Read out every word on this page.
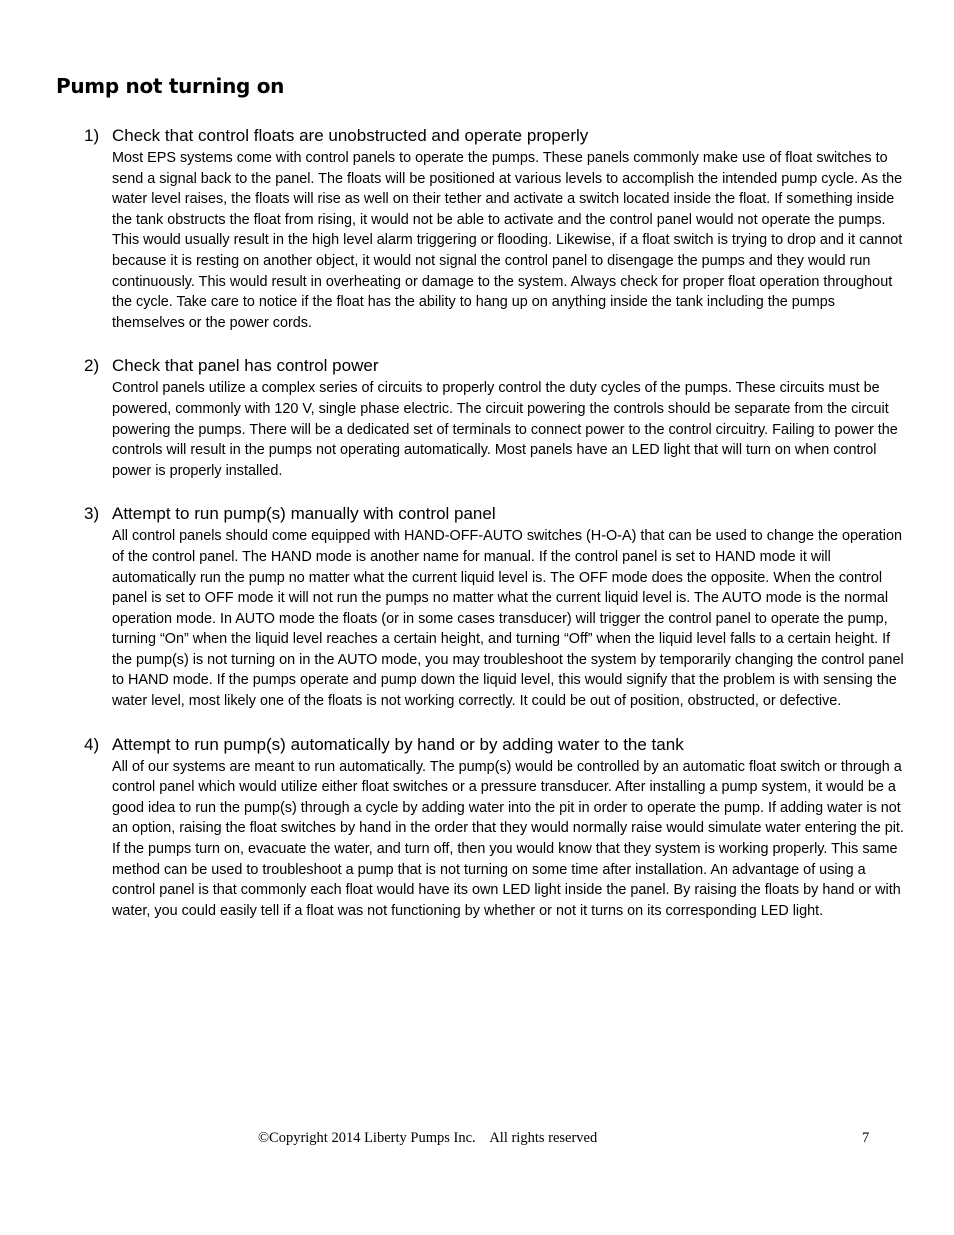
Pump not turning on
1) Check that control floats are unobstructed and operate properly

Most EPS systems come with control panels to operate the pumps. These panels commonly make use of float switches to send a signal back to the panel. The floats will be positioned at various levels to accomplish the intended pump cycle. As the water level raises, the floats will rise as well on their tether and activate a switch located inside the float. If something inside the tank obstructs the float from rising, it would not be able to activate and the control panel would not operate the pumps. This would usually result in the high level alarm triggering or flooding. Likewise, if a float switch is trying to drop and it cannot because it is resting on another object, it would not signal the control panel to disengage the pumps and they would run continuously. This would result in overheating or damage to the system. Always check for proper float operation throughout the cycle. Take care to notice if the float has the ability to hang up on anything inside the tank including the pumps themselves or the power cords.

2) Check that panel has control power

Control panels utilize a complex series of circuits to properly control the duty cycles of the pumps. These circuits must be powered, commonly with 120 V, single phase electric. The circuit powering the controls should be separate from the circuit powering the pumps. There will be a dedicated set of terminals to connect power to the control circuitry. Failing to power the controls will result in the pumps not operating automatically. Most panels have an LED light that will turn on when control power is properly installed.

3) Attempt to run pump(s) manually with control panel

All control panels should come equipped with HAND-OFF-AUTO switches (H-O-A) that can be used to change the operation of the control panel. The HAND mode is another name for manual. If the control panel is set to HAND mode it will automatically run the pump no matter what the current liquid level is. The OFF mode does the opposite. When the control panel is set to OFF mode it will not run the pumps no matter what the current liquid level is. The AUTO mode is the normal operation mode. In AUTO mode the floats (or in some cases transducer) will trigger the control panel to operate the pump, turning “On” when the liquid level reaches a certain height, and turning “Off” when the liquid level falls to a certain height. If the pump(s) is not turning on in the AUTO mode, you may troubleshoot the system by temporarily changing the control panel to HAND mode. If the pumps operate and pump down the liquid level, this would signify that the problem is with sensing the water level, most likely one of the floats is not working correctly. It could be out of position, obstructed, or defective.

4) Attempt to run pump(s) automatically by hand or by adding water to the tank

All of our systems are meant to run automatically. The pump(s) would be controlled by an automatic float switch or through a control panel which would utilize either float switches or a pressure transducer. After installing a pump system, it would be a good idea to run the pump(s) through a cycle by adding water into the pit in order to operate the pump. If adding water is not an option, raising the float switches by hand in the order that they would normally raise would simulate water entering the pit. If the pumps turn on, evacuate the water, and turn off, then you would know that they system is working properly. This same method can be used to troubleshoot a pump that is not turning on some time after installation. An advantage of using a control panel is that commonly each float would have its own LED light inside the panel. By raising the floats by hand or with water, you could easily tell if a float was not functioning by whether or not it turns on its corresponding LED light.

©Copyright 2014 Liberty Pumps Inc.    All rights reserved	7
